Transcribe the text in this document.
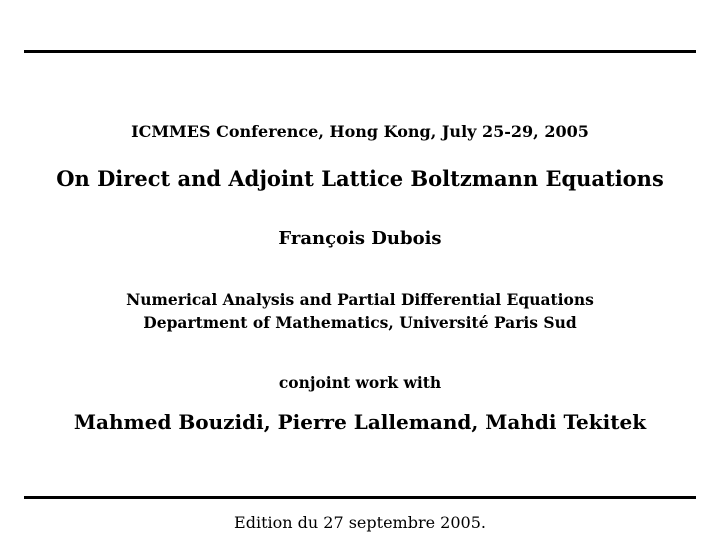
ICMMES Conference, Hong Kong, July 25-29, 2005
On Direct and Adjoint Lattice Boltzmann Equations
François Dubois
Numerical Analysis and Partial Differential Equations
Department of Mathematics, Université Paris Sud
conjoint work with
Mahmed Bouzidi, Pierre Lallemand, Mahdi Tekitek
Edition du 27 septembre 2005.
